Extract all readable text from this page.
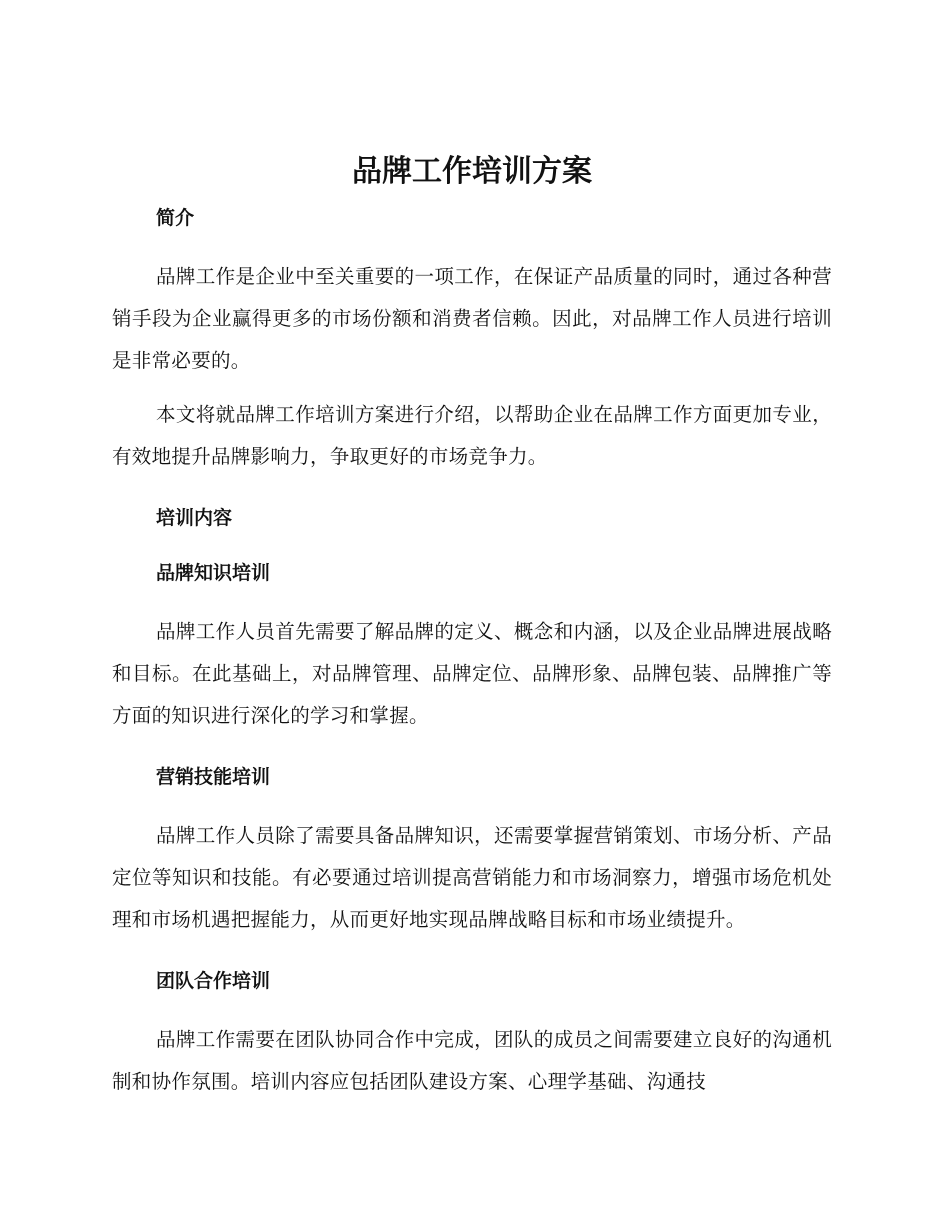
品牌工作培训方案
简介

品牌工作是企业中至关重要的一项工作，在保证产品质量的同时，通过各种营销手段为企业赢得更多的市场份额和消费者信赖。因此，对品牌工作人员进行培训是非常必要的。

本文将就品牌工作培训方案进行介绍，以帮助企业在品牌工作方面更加专业，有效地提升品牌影响力，争取更好的市场竞争力。

培训内容
品牌知识培训

品牌工作人员首先需要了解品牌的定义、概念和内涵，以及企业品牌进展战略和目标。在此基础上，对品牌管理、品牌定位、品牌形象、品牌包装、品牌推广等方面的知识进行深化的学习和掌握。

营销技能培训

品牌工作人员除了需要具备品牌知识，还需要掌握营销策划、市场分析、产品定位等知识和技能。有必要通过培训提高营销能力和市场洞察力，增强市场危机处理和市场机遇把握能力，从而更好地实现品牌战略目标和市场业绩提升。

团队合作培训

品牌工作需要在团队协同合作中完成，团队的成员之间需要建立良好的沟通机制和协作氛围。培训内容应包括团队建设方案、心理学基础、沟通技
